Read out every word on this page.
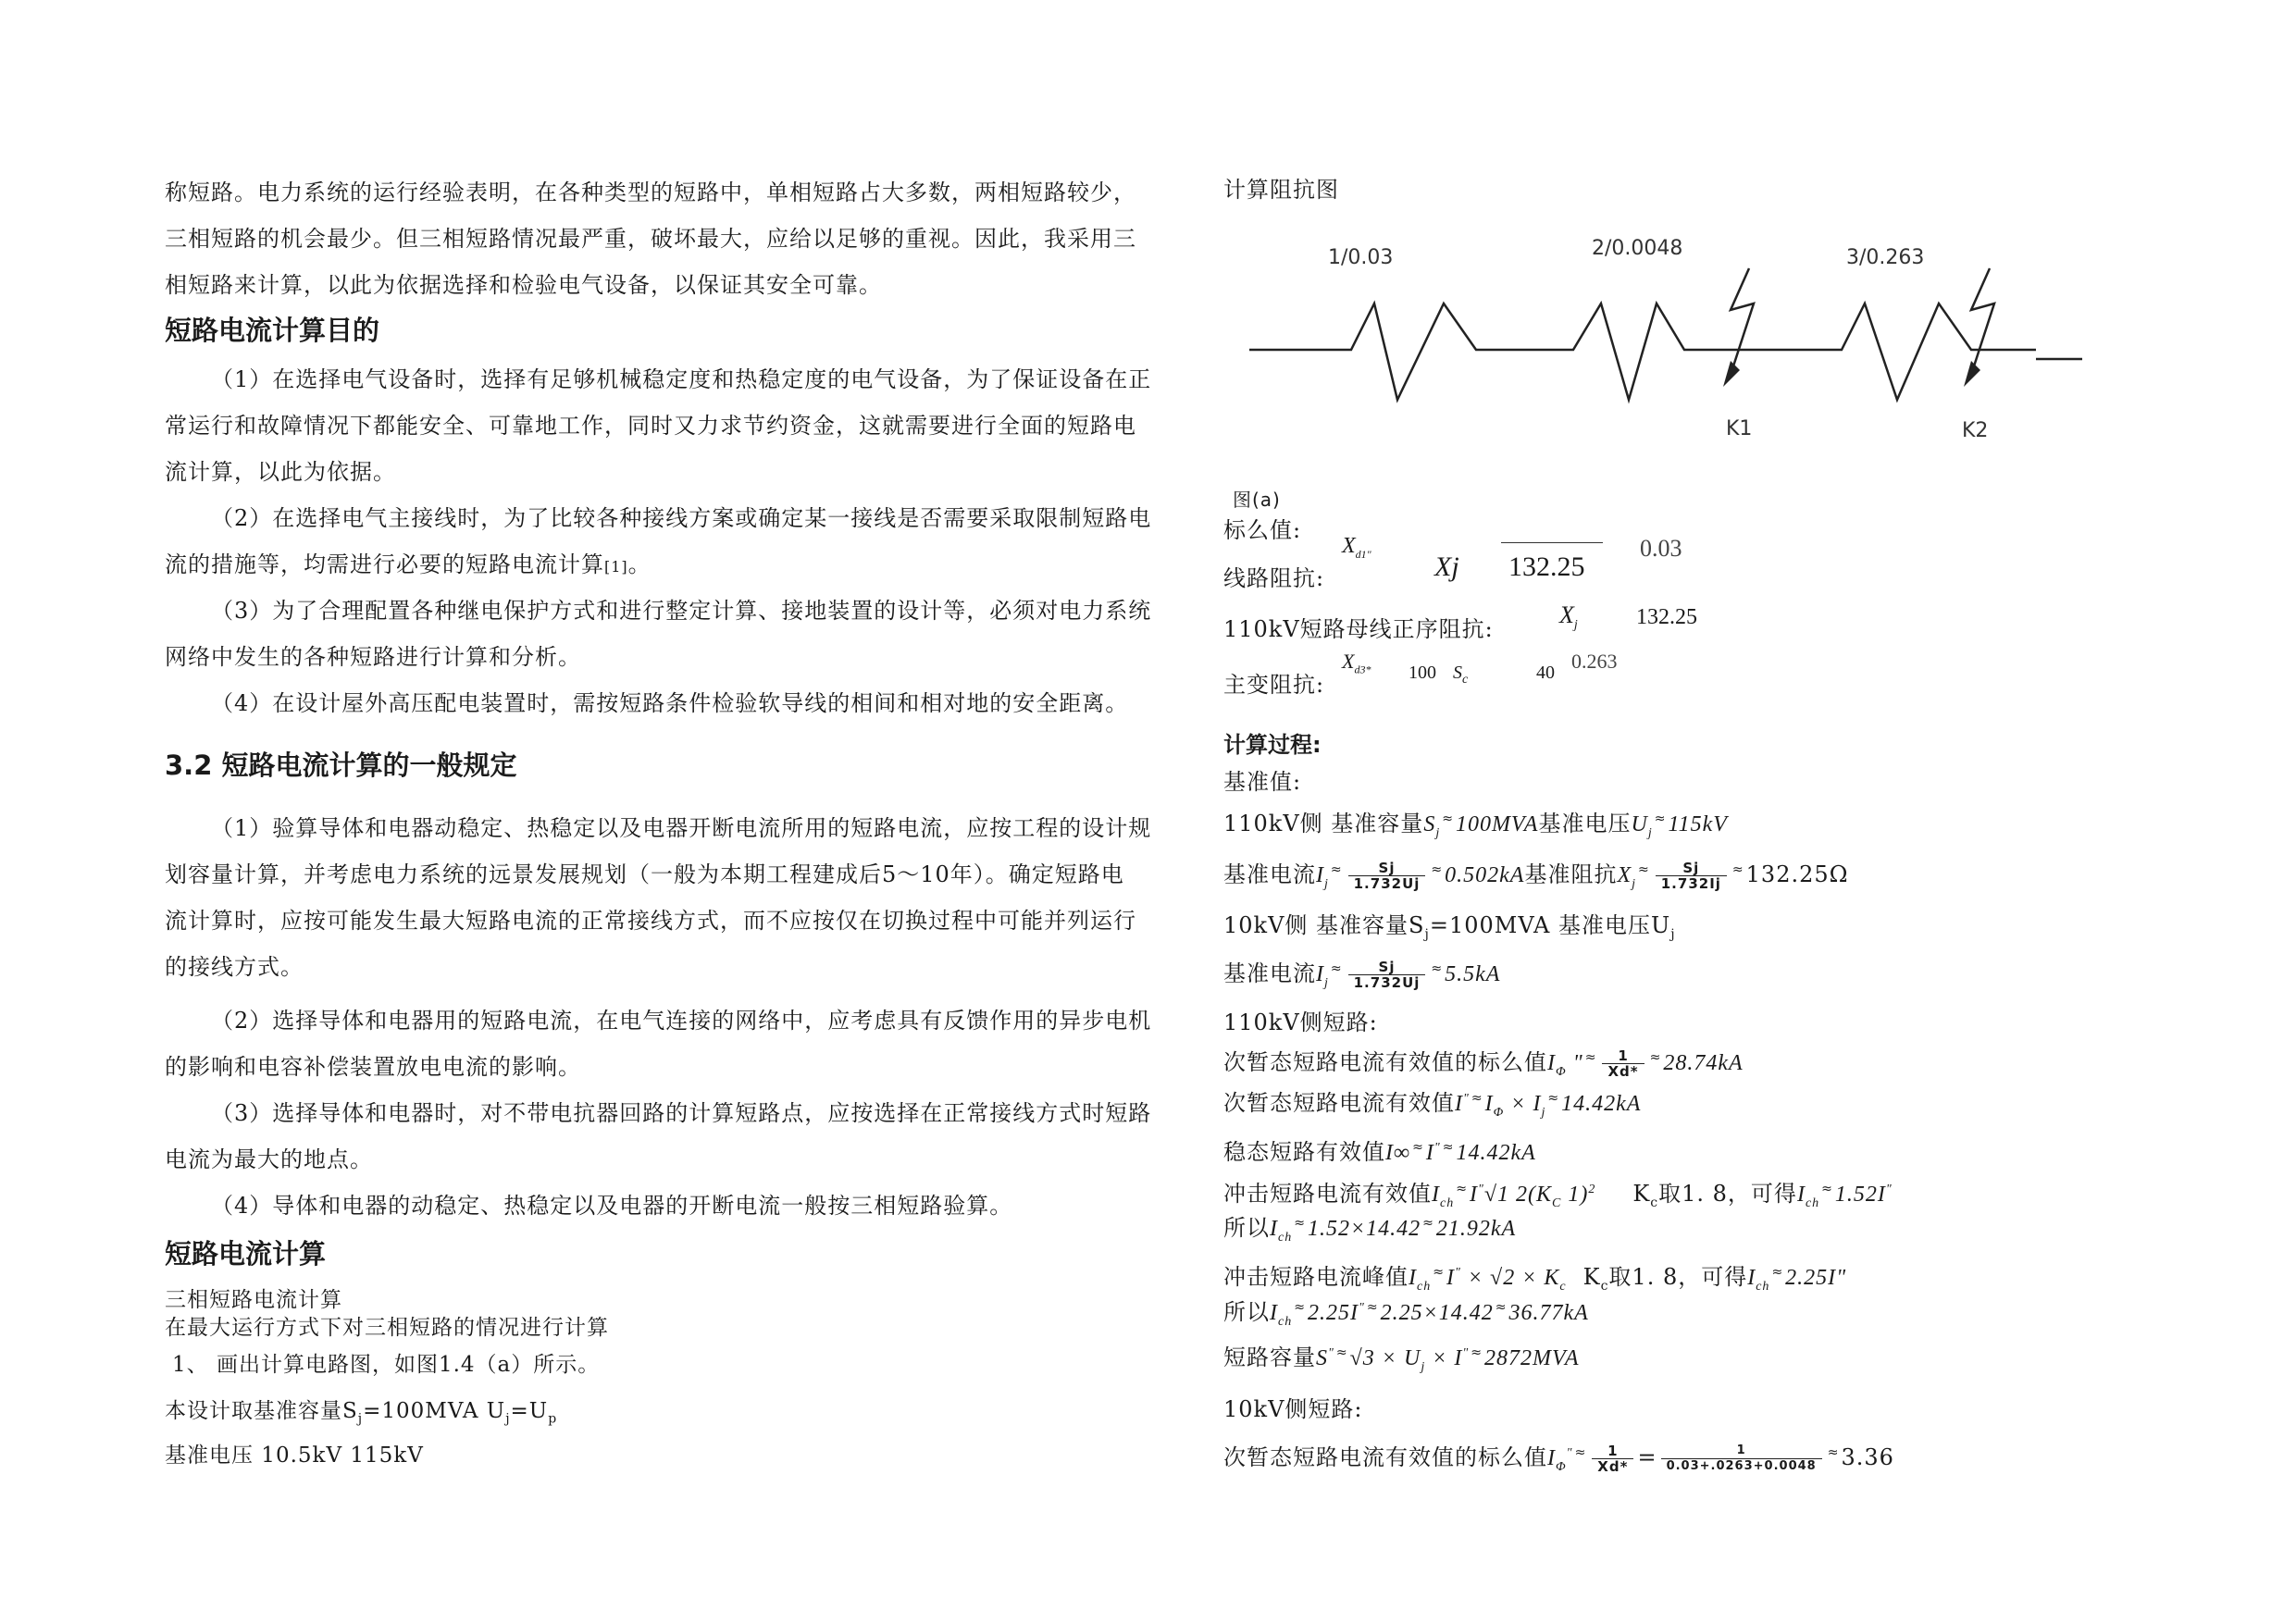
称短路。电力系统的运行经验表明，在各种类型的短路中，单相短路占大多数，两相短路较少，
三相短路的机会最少。但三相短路情况最严重，破坏最大，应给以足够的重视。因此，我采用三
相短路来计算，以此为依据选择和检验电气设备，以保证其安全可靠。
短路电流计算目的
（1）在选择电气设备时，选择有足够机械稳定度和热稳定度的电气设备，为了保证设备在正
常运行和故障情况下都能安全、可靠地工作，同时又力求节约资金，这就需要进行全面的短路电
流计算，以此为依据。
（2）在选择电气主接线时，为了比较各种接线方案或确定某一接线是否需要采取限制短路电
流的措施等，均需进行必要的短路电流计算[1]。
（3）为了合理配置各种继电保护方式和进行整定计算、接地装置的设计等，必须对电力系统
网络中发生的各种短路进行计算和分析。
（4）在设计屋外高压配电装置时，需按短路条件检验软导线的相间和相对地的安全距离。
3.2 短路电流计算的一般规定
（1）验算导体和电器动稳定、热稳定以及电器开断电流所用的短路电流，应按工程的设计规
划容量计算，并考虑电力系统的远景发展规划（一般为本期工程建成后5～10年）。确定短路电
流计算时，应按可能发生最大短路电流的正常接线方式，而不应按仅在切换过程中可能并列运行
的接线方式。
（2）选择导体和电器用的短路电流，在电气连接的网络中，应考虑具有反馈作用的异步电机
的影响和电容补偿装置放电电流的影响。
（3）选择导体和电器时，对不带电抗器回路的计算短路点，应按选择在正常接线方式时短路
电流为最大的地点。
（4）导体和电器的动稳定、热稳定以及电器的开断电流一般按三相短路验算。
短路电流计算
三相短路电流计算
在最大运行方式下对三相短路的情况进行计算
1、 画出计算电路图，如图1.4（a）所示。
本设计取基准容量$S_j=100MVA$ $U_j=U_p$
基准电压 10.5kV 115kV
计算阻抗图
1/0.03	2/0.0048	3/0.263
K1	K2
图(a)
标么值:
$X_{d1"}$
线路阻抗:	Xj 132.25
0.03
110kV短路母线正序阻抗:
$X_j$	132.25
主变阻抗:
$X_{d3*}$ 100 $S_c$	40 0.263
计算过程:
基准值:
110kV侧 基准容量$S_j^\approx 100MVA$基准电压$U_j^\approx 115kV$
基准电流$I_j^\approx \frac{Sj}{1.732Uj} ^\approx 0.502kA$基准阻抗$X_j^\approx \frac{Sj}{1.732Ij} ^\approx 132.25\Omega$
10kV侧 基准容量$S_j=100MVA$ 基准电压$U_j$
基准电流$I_j^\approx \frac{Sj}{1.732Uj} ^\approx 5.5kA$
110kV侧短路:
次暂态短路电流有效值的标么值$I_\Phi$ " $^\approx \frac{1}{Xd*} ^\approx 28.74kA$
次暂态短路电流有效值I" $^\approx I_\Phi \times I_j^\approx 14.42kA$
稳态短路有效值I∞ ≈I" ≈14.42kA
冲击短路电流有效值$I_{ch}^\approx I^"√1$ $2(K_C$ 1)$^2$ $K_c$取1. 8，可得$I_{ch}^\approx 1.52I^"$
所以$I_{ch}^\approx 1.52\times 14.42$ ≈21.92kA
冲击短路电流峰值$I_{ch}^\approx I^" \times √2 \times K_c$ $K_c$取1. 8，可得$I_{ch}^\approx 2.25I$"
所以$I_{ch}^\approx 2.25I^"$ ≈2.25×14.42 ≈36.77kA
短路容量S" $^\approx√3 \times U_j \times I^"$ ≈2872MVA
10kV侧短路:
次暂态短路电流有效值的标么值$I_\Phi^"$ $^\approx \frac{1}{Xd*} = \frac{1}{0.03+.0263+0.0048} ^\approx 3.36$
